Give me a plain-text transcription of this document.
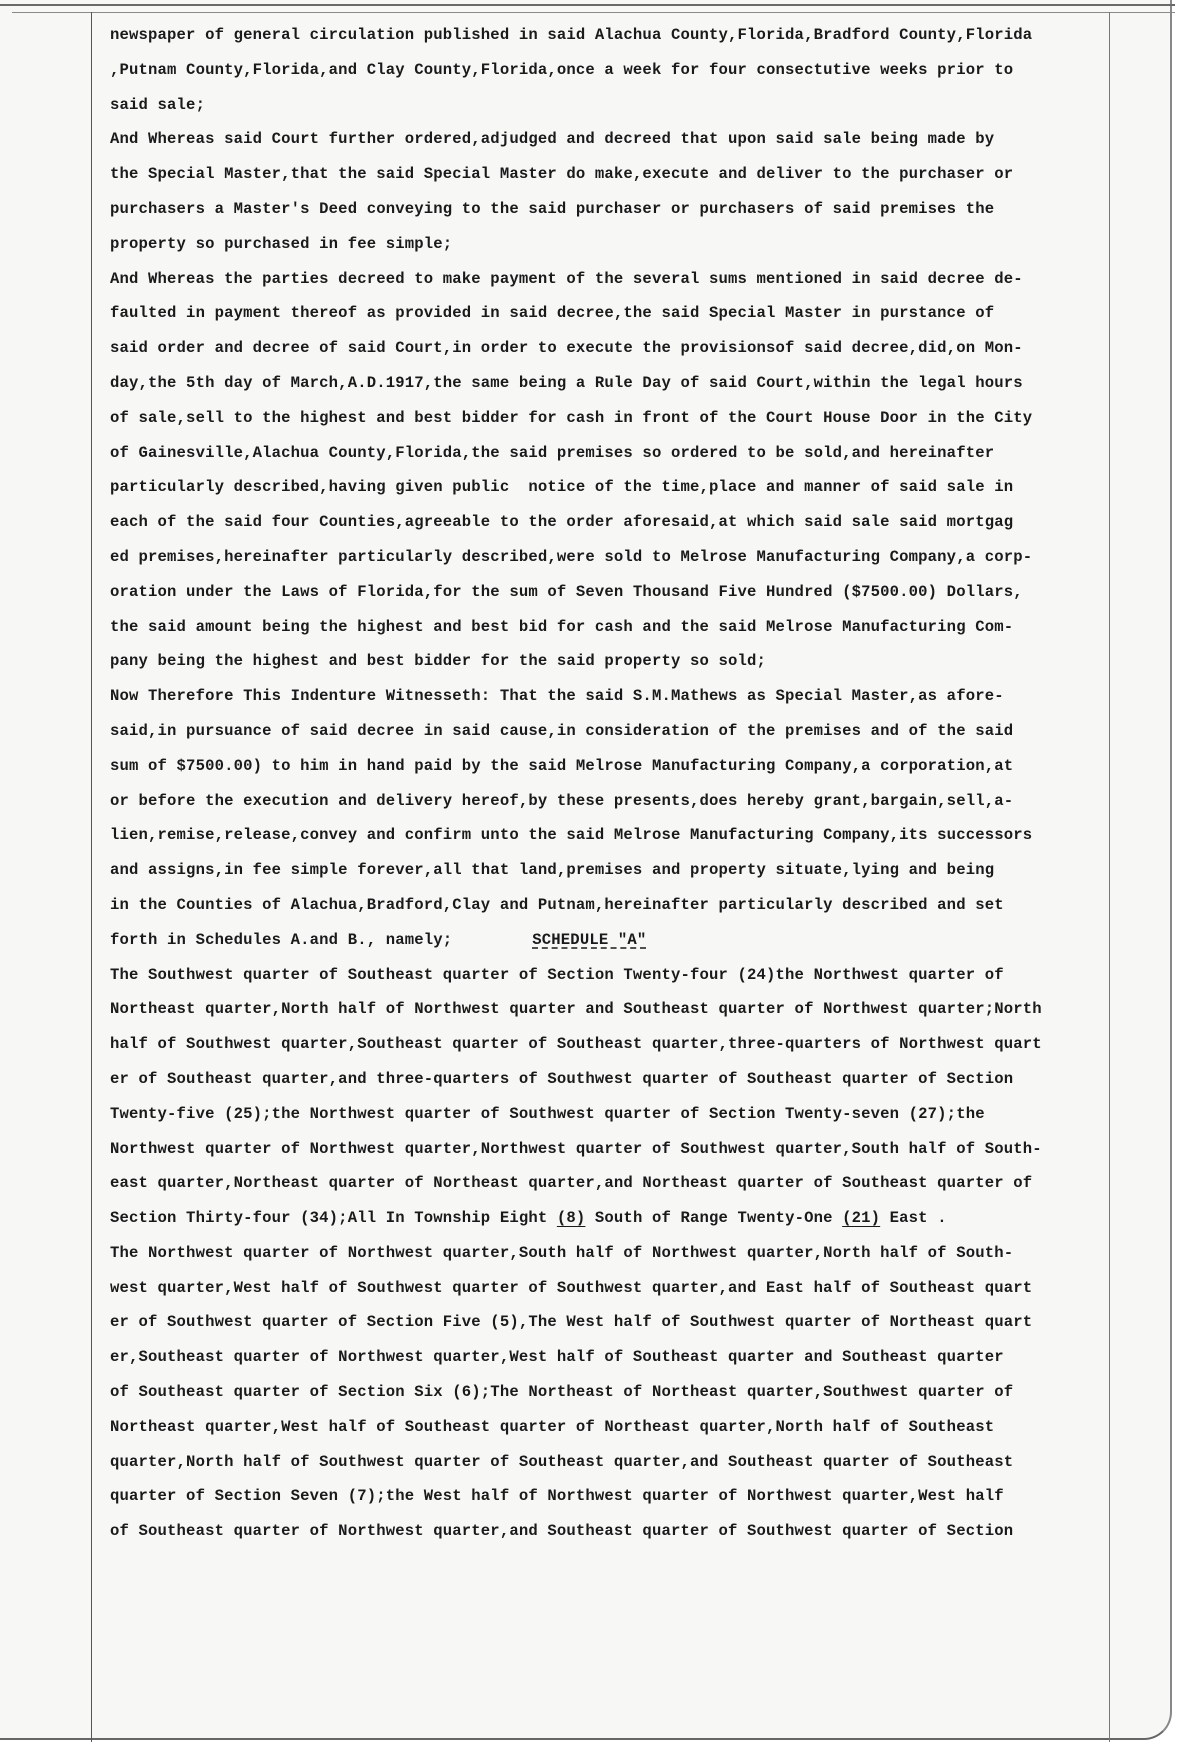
newspaper of general circulation published in said Alachua County,Florida,Bradford County,Florida
,Putnam County,Florida,and Clay County,Florida,once a week for four consectutive weeks prior to
said sale;
And Whereas said Court further ordered,adjudged and decreed that upon said sale being made by
the Special Master,that the said Special Master do make,execute and deliver to the purchaser or
purchasers a Master's Deed conveying to the said purchaser or purchasers of said premises the
property so purchased in fee simple;
And Whereas the parties decreed to make payment of the several sums mentioned in said decree de-
faulted in payment thereof as provided in said decree,the said Special Master in purstance of
said order and decree of said Court,in order to execute the provisionsof said decree,did,on Mon-
day,the 5th day of March,A.D.1917,the same being a Rule Day of said Court,within the legal hours
of sale,sell to the highest and best bidder for cash in front of the Court House Door in the City
of Gainesville,Alachua County,Florida,the said premises so ordered to be sold,and hereinafter
particularly described,having given public  notice of the time,place and manner of said sale in
each of the said four Counties,agreeable to the order aforesaid,at which said sale said mortgag
ed premises,hereinafter particularly described,were sold to Melrose Manufacturing Company,a corp-
oration under the Laws of Florida,for the sum of Seven Thousand Five Hundred ($7500.00) Dollars,
the said amount being the highest and best bid for cash and the said Melrose Manufacturing Com-
pany being the highest and best bidder for the said property so sold;
Now Therefore This Indenture Witnesseth: That the said S.M.Mathews as Special Master,as afore-
said,in pursuance of said decree in said cause,in consideration of the premises and of the said
sum of $7500.00) to him in hand paid by the said Melrose Manufacturing Company,a corporation,at
or before the execution and delivery hereof,by these presents,does hereby grant,bargain,sell,a-
lien,remise,release,convey and confirm unto the said Melrose Manufacturing Company,its successors
and assigns,in fee simple forever,all that land,premises and property situate,lying and being
in the Counties of Alachua,Bradford,Clay and Putnam,hereinafter particularly described and set
forth in Schedules A.and B., namely;	SCHEDULE "A"
The Southwest quarter of Southeast quarter of Section Twenty-four (24)the Northwest quarter of
Northeast quarter,North half of Northwest quarter and Southeast quarter of Northwest quarter;North
half of Southwest quarter,Southeast quarter of Southeast quarter,three-quarters of Northwest quart
er of Southeast quarter,and three-quarters of Southwest quarter of Southeast quarter of Section
Twenty-five (25);the Northwest quarter of Southwest quarter of Section Twenty-seven (27);the
Northwest quarter of Northwest quarter,Northwest quarter of Southwest quarter,South half of South-
east quarter,Northeast quarter of Northeast quarter,and Northeast quarter of Southeast quarter of
Section Thirty-four (34);All In Township Eight (8) South of Range Twenty-One (21) East .
The Northwest quarter of Northwest quarter,South half of Northwest quarter,North half of South-
west quarter,West half of Southwest quarter of Southwest quarter,and East half of Southeast quart
er of Southwest quarter of Section Five (5),The West half of Southwest quarter of Northeast quart
er,Southeast quarter of Northwest quarter,West half of Southeast quarter and Southeast quarter
of Southeast quarter of Section Six (6);The Northeast of Northeast quarter,Southwest quarter of
Northeast quarter,West half of Southeast quarter of Northeast quarter,North half of Southeast
quarter,North half of Southwest quarter of Southeast quarter,and Southeast quarter of Southeast
quarter of Section Seven (7);the West half of Northwest quarter of Northwest quarter,West half
of Southeast quarter of Northwest quarter,and Southeast quarter of Southwest quarter of Section
